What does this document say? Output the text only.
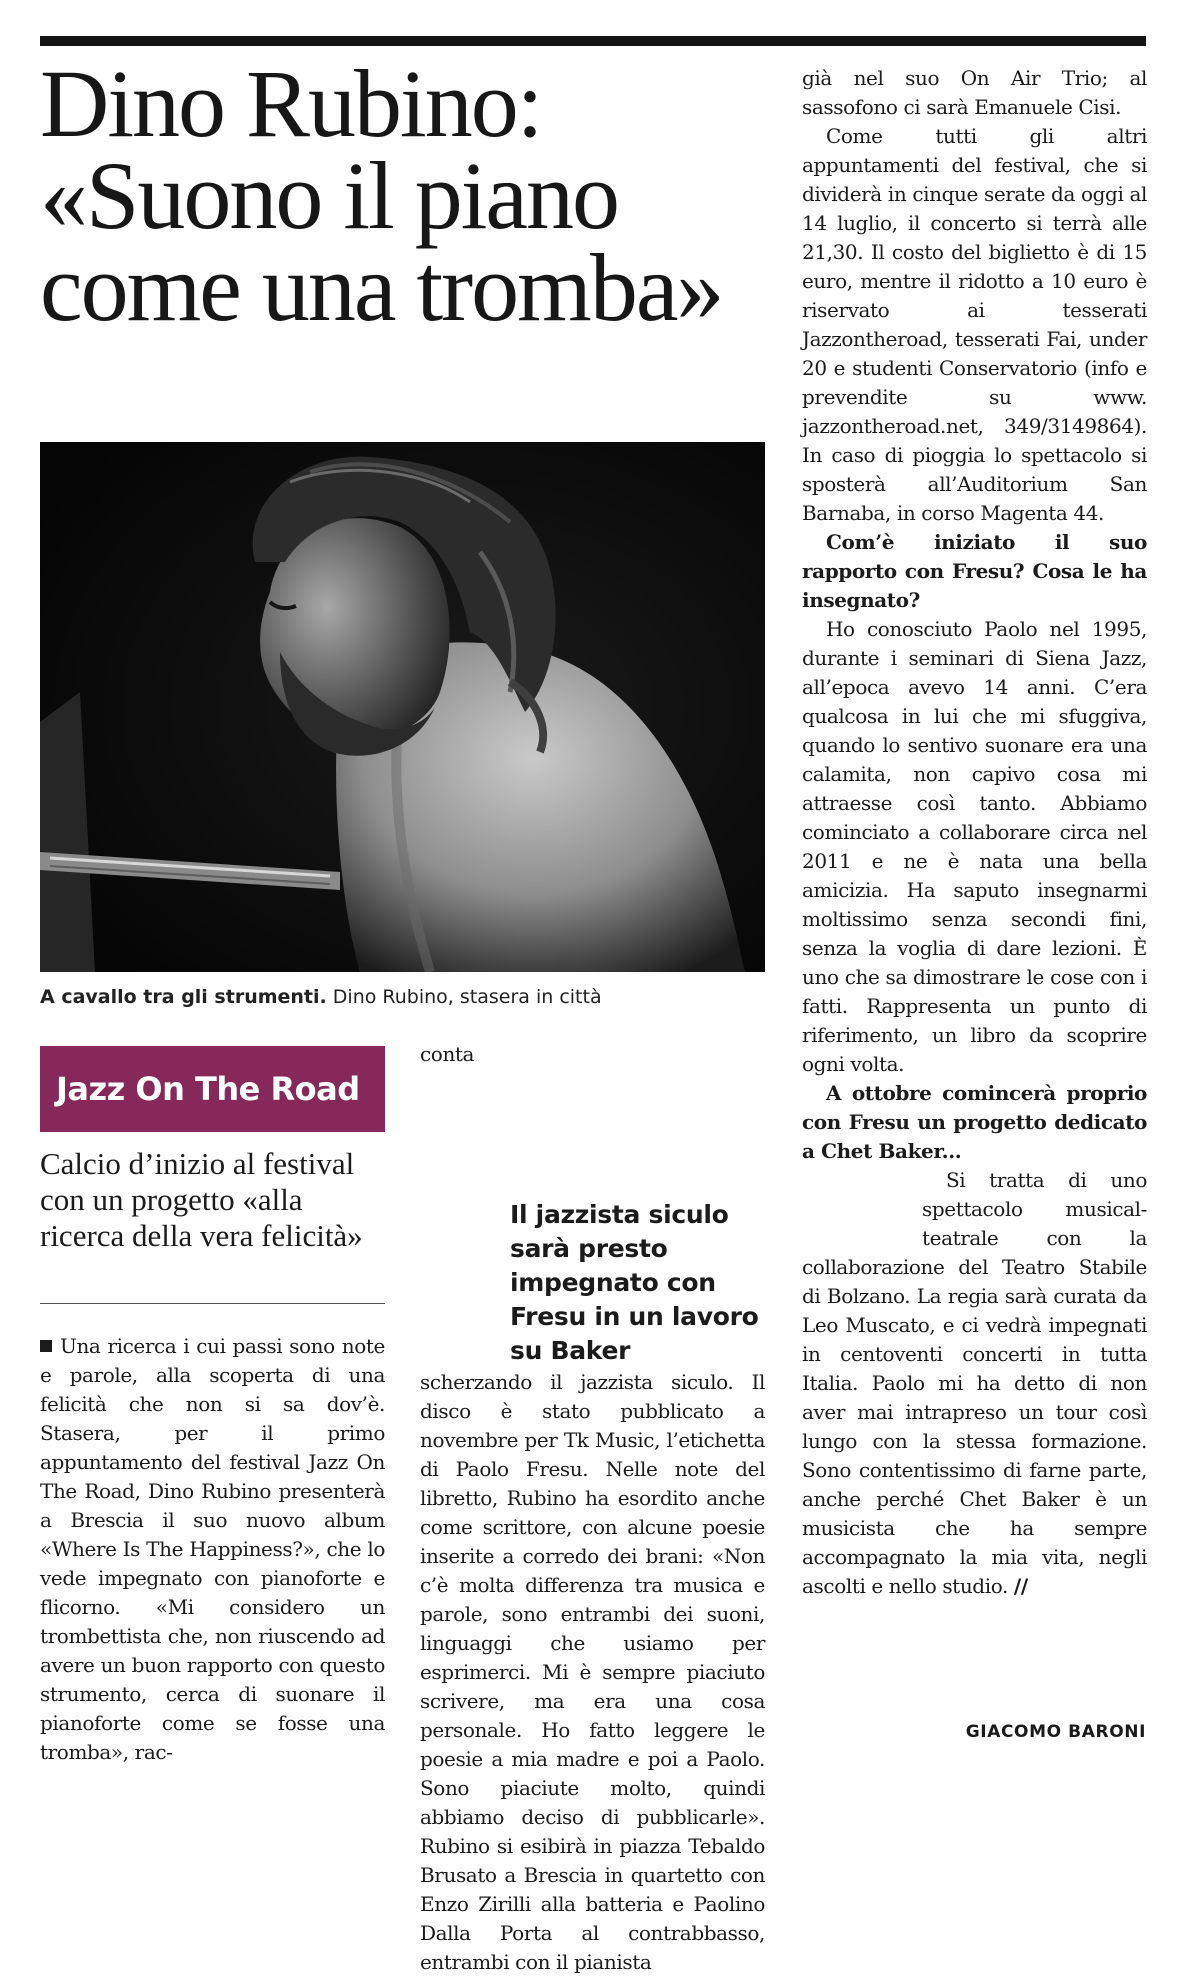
Dino Rubino:
«Suono il piano
come una tromba»

A cavallo tra gli strumenti. Dino Rubino, stasera in città

Jazz On The Road

Calcio d’inizio al festival con un progetto «alla ricerca della vera felicità»

Una ricerca i cui passi sono note e parole, alla scoperta di una felicità che non si sa dov’è. Stasera, per il primo appuntamento del festival Jazz On The Road, Dino Rubino presenterà a Brescia il suo nuovo album «Where Is The Happiness?», che lo vede impegnato con pianoforte e flicorno. «Mi considero un trombettista che, non riuscendo ad avere un buon rapporto con questo strumento, cerca di suonare il pianoforte come se fosse una tromba», rac-

Il jazzista siculo sarà presto impegnato con Fresu in un lavoro su Baker

conta scherzando il jazzista siculo. Il disco è stato pubblicato a novembre per Tk Music, l’etichetta di Paolo Fresu. Nelle note del libretto, Rubino ha esordito anche come scrittore, con alcune poesie inserite a corredo dei brani: «Non c’è molta differenza tra musica e parole, sono entrambi dei suoni, linguaggi che usiamo per esprimerci. Mi è sempre piaciuto scrivere, ma era una cosa personale. Ho fatto leggere le poesie a mia madre e poi a Paolo. Sono piaciute molto, quindi abbiamo deciso di pubblicarle». Rubino si esibirà in piazza Tebaldo Brusato a Brescia in quartetto con Enzo Zirilli alla batteria e Paolino Dalla Porta al contrabbasso, entrambi con il pianista

già nel suo On Air Trio; al sassofono ci sarà Emanuele Cisi.

Come tutti gli altri appuntamenti del festival, che si dividerà in cinque serate da oggi al 14 luglio, il concerto si terrà alle 21,30. Il costo del biglietto è di 15 euro, mentre il ridotto a 10 euro è riservato ai tesserati Jazzontheroad, tesserati Fai, under 20 e studenti Conservatorio (info e prevendite su www. jazzontheroad.net, 349/3149864). In caso di pioggia lo spettacolo si sposterà all’Auditorium San Barnaba, in corso Magenta 44.

Com’è iniziato il suo rapporto con Fresu? Cosa le ha insegnato?

Ho conosciuto Paolo nel 1995, durante i seminari di Siena Jazz, all’epoca avevo 14 anni. C’era qualcosa in lui che mi sfuggiva, quando lo sentivo suonare era una calamita, non capivo cosa mi attraesse così tanto. Abbiamo cominciato a collaborare circa nel 2011 e ne è nata una bella amicizia. Ha saputo insegnarmi moltissimo senza secondi fini, senza la voglia di dare lezioni. È uno che sa dimostrare le cose con i fatti. Rappresenta un punto di riferimento, un libro da scoprire ogni volta.

A ottobre comincerà proprio con Fresu un progetto dedicato a Chet Baker...

Si tratta di uno spettacolo musical-teatrale con la collaborazione del Teatro Stabile di Bolzano. La regia sarà curata da Leo Muscato, e ci vedrà impegnati in centoventi concerti in tutta Italia. Paolo mi ha detto di non aver mai intrapreso un tour così lungo con la stessa formazione. Sono contentissimo di farne parte, anche perché Chet Baker è un musicista che ha sempre accompagnato la mia vita, negli ascolti e nello studio. //

GIACOMO BARONI
